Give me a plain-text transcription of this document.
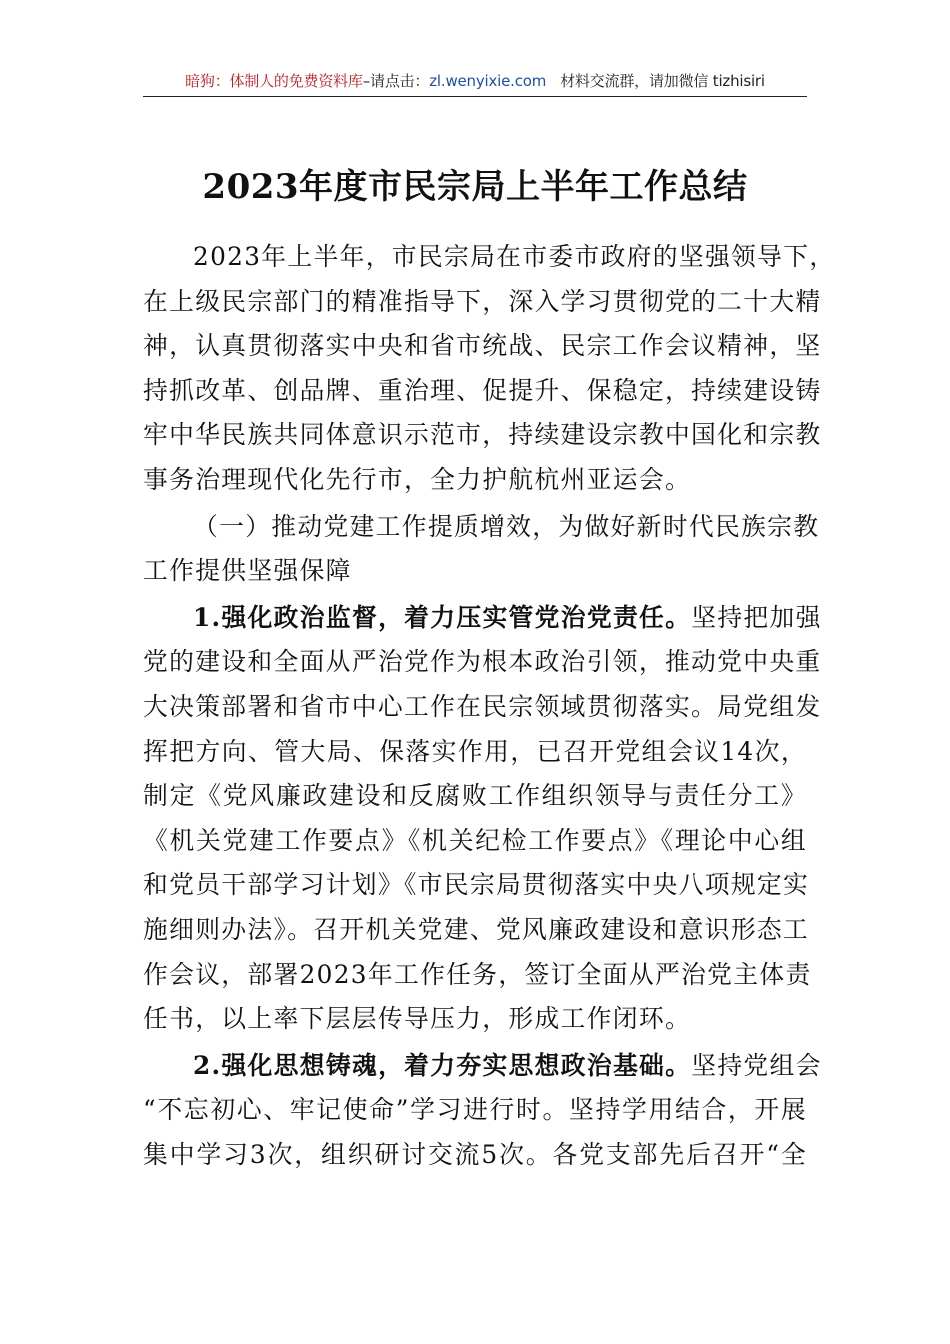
暗狗：体制人的免费资料库–请点击：zl.wenyixie.com 材料交流群，请加微信 tizhisiri
2023年度市民宗局上半年工作总结
2023年上半年，市民宗局在市委市政府的坚强领导下，
在上级民宗部门的精准指导下，深入学习贯彻党的二十大精
神，认真贯彻落实中央和省市统战、民宗工作会议精神，坚
持抓改革、创品牌、重治理、促提升、保稳定，持续建设铸
牢中华民族共同体意识示范市，持续建设宗教中国化和宗教
事务治理现代化先行市，全力护航杭州亚运会。
（一）推动党建工作提质增效，为做好新时代民族宗教
工作提供坚强保障
1.强化政治监督，着力压实管党治党责任。坚持把加强
党的建设和全面从严治党作为根本政治引领，推动党中央重
大决策部署和省市中心工作在民宗领域贯彻落实。局党组发
挥把方向、管大局、保落实作用，已召开党组会议14次，
制定《党风廉政建设和反腐败工作组织领导与责任分工》
《机关党建工作要点》《机关纪检工作要点》《理论中心组
和党员干部学习计划》《市民宗局贯彻落实中央八项规定实
施细则办法》。召开机关党建、党风廉政建设和意识形态工
作会议，部署2023年工作任务，签订全面从严治党主体责
任书，以上率下层层传导压力，形成工作闭环。
2.强化思想铸魂，着力夯实思想政治基础。坚持党组会
“不忘初心、牢记使命”学习进行时。坚持学用结合，开展
集中学习3次，组织研讨交流5次。各党支部先后召开“全
